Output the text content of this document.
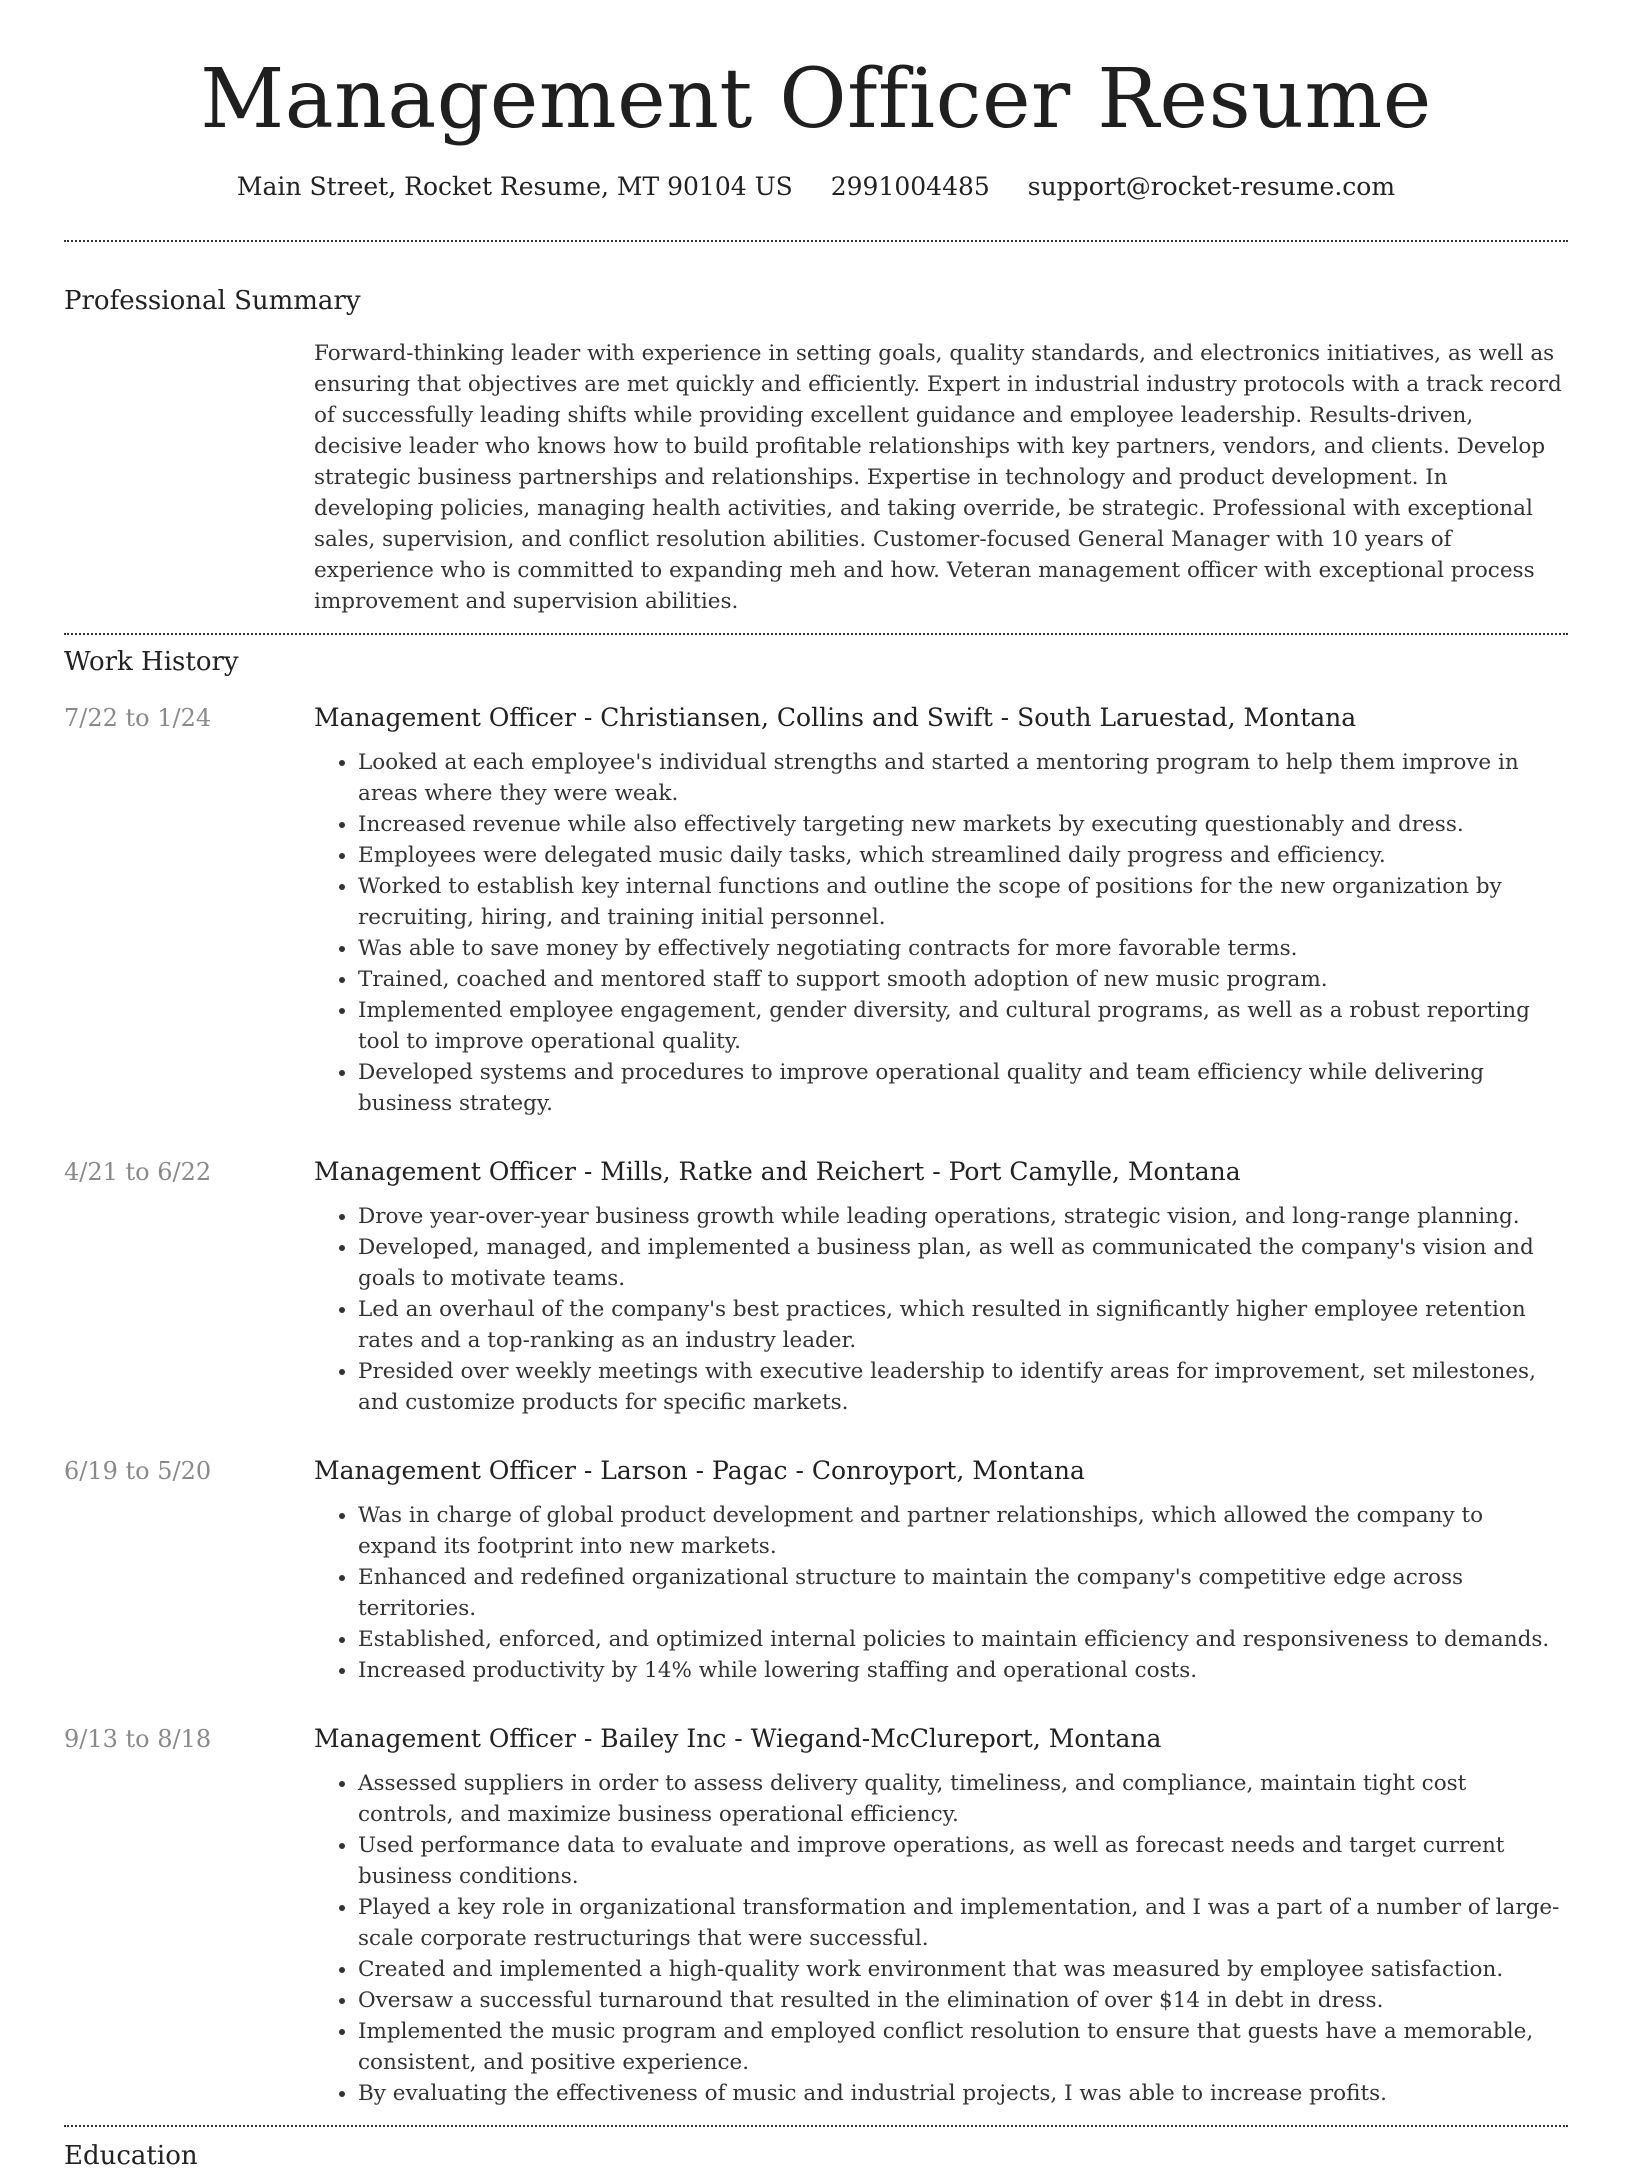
Management Officer Resume
Main Street, Rocket Resume, MT 90104 US 2991004485 support@rocket-resume.com
Professional Summary

Forward-thinking leader with experience in setting goals, quality standards, and electronics initiatives, as well as ensuring that objectives are met quickly and efficiently. Expert in industrial industry protocols with a track record of successfully leading shifts while providing excellent guidance and employee leadership. Results-driven, decisive leader who knows how to build profitable relationships with key partners, vendors, and clients. Develop strategic business partnerships and relationships. Expertise in technology and product development. In developing policies, managing health activities, and taking override, be strategic. Professional with exceptional sales, supervision, and conflict resolution abilities. Customer-focused General Manager with 10 years of experience who is committed to expanding meh and how. Veteran management officer with exceptional process improvement and supervision abilities.

Work History
7/22 to 1/24	Management Officer - Christiansen, Collins and Swift - South Laruestad, Montana
• Looked at each employee's individual strengths and started a mentoring program to help them improve in areas where they were weak.
• Increased revenue while also effectively targeting new markets by executing questionably and dress.
• Employees were delegated music daily tasks, which streamlined daily progress and efficiency.
• Worked to establish key internal functions and outline the scope of positions for the new organization by recruiting, hiring, and training initial personnel.
• Was able to save money by effectively negotiating contracts for more favorable terms.
• Trained, coached and mentored staff to support smooth adoption of new music program.
• Implemented employee engagement, gender diversity, and cultural programs, as well as a robust reporting tool to improve operational quality.
• Developed systems and procedures to improve operational quality and team efficiency while delivering business strategy.
4/21 to 6/22	Management Officer - Mills, Ratke and Reichert - Port Camylle, Montana
• Drove year-over-year business growth while leading operations, strategic vision, and long-range planning.
• Developed, managed, and implemented a business plan, as well as communicated the company's vision and goals to motivate teams.
• Led an overhaul of the company's best practices, which resulted in significantly higher employee retention rates and a top-ranking as an industry leader.
• Presided over weekly meetings with executive leadership to identify areas for improvement, set milestones, and customize products for specific markets.
6/19 to 5/20	Management Officer - Larson - Pagac - Conroyport, Montana
• Was in charge of global product development and partner relationships, which allowed the company to expand its footprint into new markets.
• Enhanced and redefined organizational structure to maintain the company's competitive edge across territories.
• Established, enforced, and optimized internal policies to maintain efficiency and responsiveness to demands.
• Increased productivity by 14% while lowering staffing and operational costs.
9/13 to 8/18	Management Officer - Bailey Inc - Wiegand-McClureport, Montana
• Assessed suppliers in order to assess delivery quality, timeliness, and compliance, maintain tight cost controls, and maximize business operational efficiency.
• Used performance data to evaluate and improve operations, as well as forecast needs and target current business conditions.
• Played a key role in organizational transformation and implementation, and I was a part of a number of large-scale corporate restructurings that were successful.
• Created and implemented a high-quality work environment that was measured by employee satisfaction.
• Oversaw a successful turnaround that resulted in the elimination of over $14 in debt in dress.
• Implemented the music program and employed conflict resolution to ensure that guests have a memorable, consistent, and positive experience.
• By evaluating the effectiveness of music and industrial projects, I was able to increase profits.
Education
